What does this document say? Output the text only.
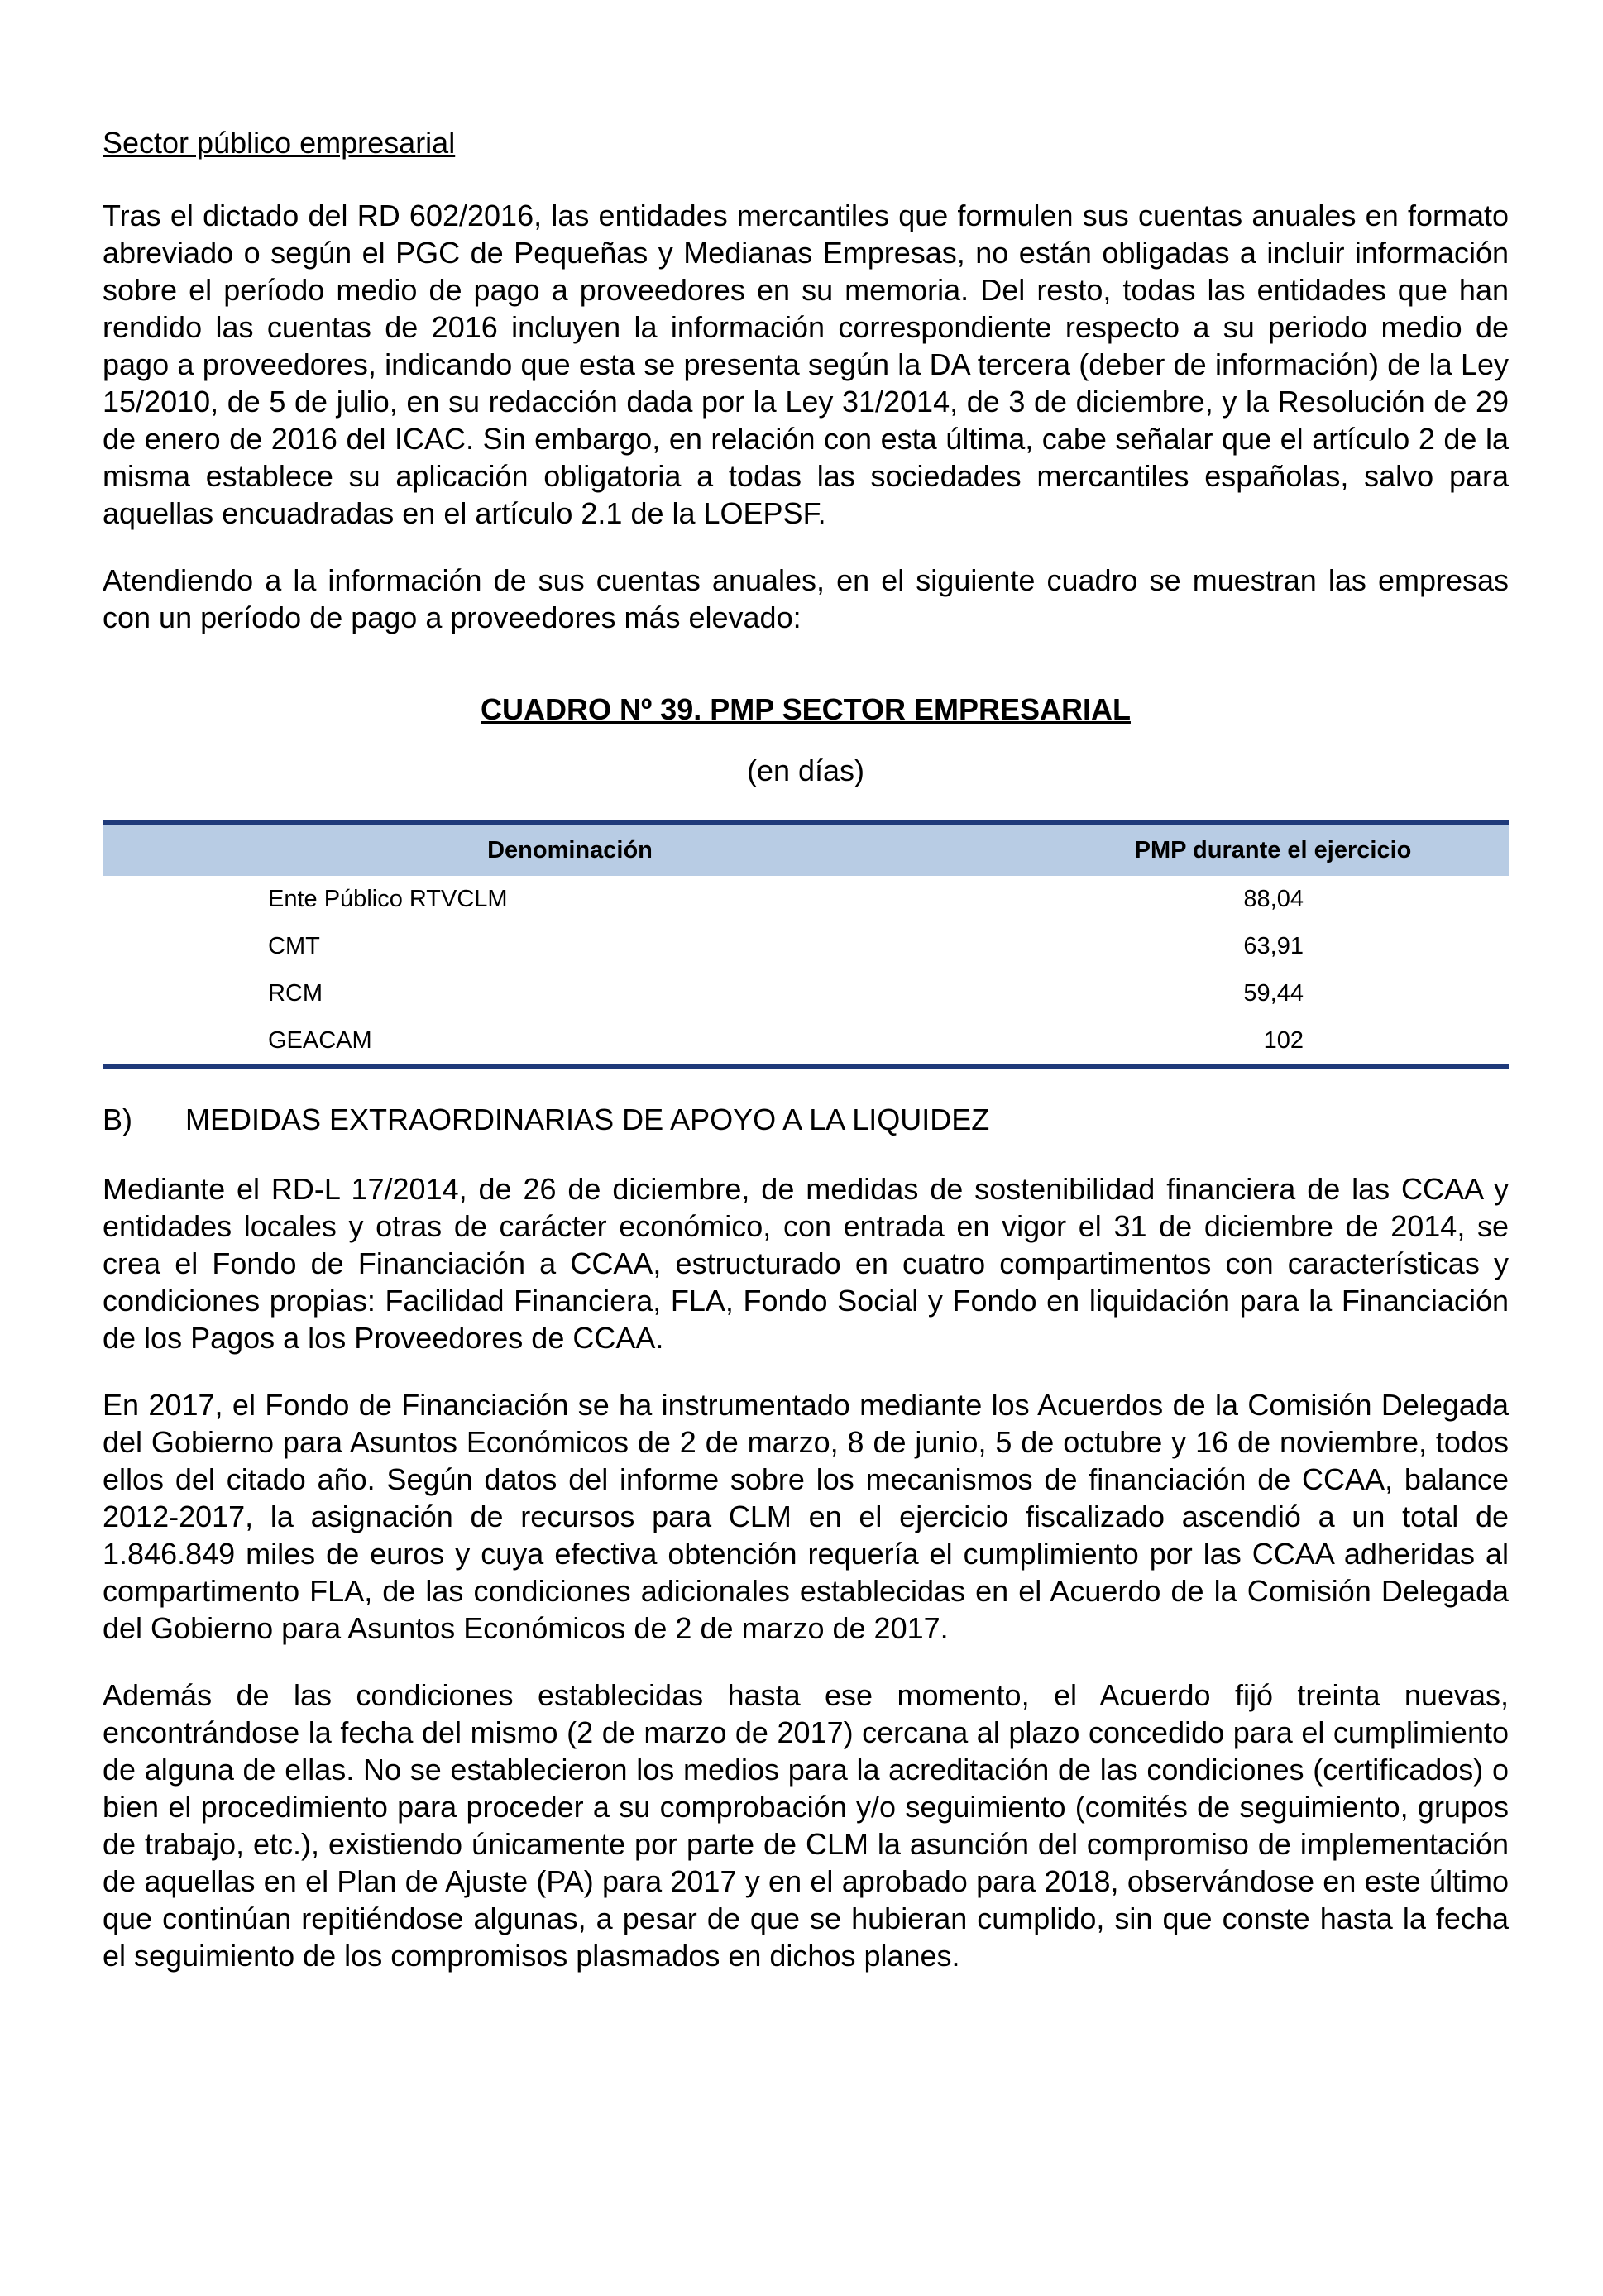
Sector público empresarial

Tras el dictado del RD 602/2016, las entidades mercantiles que formulen sus cuentas anuales en formato abreviado o según el PGC de Pequeñas y Medianas Empresas, no están obligadas a incluir información sobre el período medio de pago a proveedores en su memoria. Del resto, todas las entidades que han rendido las cuentas de 2016 incluyen la información correspondiente respecto a su periodo medio de pago a proveedores, indicando que esta se presenta según la DA tercera (deber de información) de la Ley 15/2010, de 5 de julio, en su redacción dada por la Ley 31/2014, de 3 de diciembre, y la Resolución de 29 de enero de 2016 del ICAC. Sin embargo, en relación con esta última, cabe señalar que el artículo 2 de la misma establece su aplicación obligatoria a todas las sociedades mercantiles españolas, salvo para aquellas encuadradas en el artículo 2.1 de la LOEPSF.

Atendiendo a la información de sus cuentas anuales, en el siguiente cuadro se muestran las empresas con un período de pago a proveedores más elevado:

CUADRO Nº 39. PMP SECTOR EMPRESARIAL
(en días)
Denominación	PMP durante el ejercicio
Ente Público RTVCLM	88,04
CMT	63,91
RCM	59,44
GEACAM	102
B)	MEDIDAS EXTRAORDINARIAS DE APOYO A LA LIQUIDEZ

Mediante el RD-L 17/2014, de 26 de diciembre, de medidas de sostenibilidad financiera de las CCAA y entidades locales y otras de carácter económico, con entrada en vigor el 31 de diciembre de 2014, se crea el Fondo de Financiación a CCAA, estructurado en cuatro compartimentos con características y condiciones propias: Facilidad Financiera, FLA, Fondo Social y Fondo en liquidación para la Financiación de los Pagos a los Proveedores de CCAA.

En 2017, el Fondo de Financiación se ha instrumentado mediante los Acuerdos de la Comisión Delegada del Gobierno para Asuntos Económicos de 2 de marzo, 8 de junio, 5 de octubre y 16 de noviembre, todos ellos del citado año. Según datos del informe sobre los mecanismos de financiación de CCAA, balance 2012-2017, la asignación de recursos para CLM en el ejercicio fiscalizado ascendió a un total de 1.846.849 miles de euros y cuya efectiva obtención requería el cumplimiento por las CCAA adheridas al compartimento FLA, de las condiciones adicionales establecidas en el Acuerdo de la Comisión Delegada del Gobierno para Asuntos Económicos de 2 de marzo de 2017.

Además de las condiciones establecidas hasta ese momento, el Acuerdo fijó treinta nuevas, encontrándose la fecha del mismo (2 de marzo de 2017) cercana al plazo concedido para el cumplimiento de alguna de ellas. No se establecieron los medios para la acreditación de las condiciones (certificados) o bien el procedimiento para proceder a su comprobación y/o seguimiento (comités de seguimiento, grupos de trabajo, etc.), existiendo únicamente por parte de CLM la asunción del compromiso de implementación de aquellas en el Plan de Ajuste (PA) para 2017 y en el aprobado para 2018, observándose en este último que continúan repitiéndose algunas, a pesar de que se hubieran cumplido, sin que conste hasta la fecha el seguimiento de los compromisos plasmados en dichos planes.
